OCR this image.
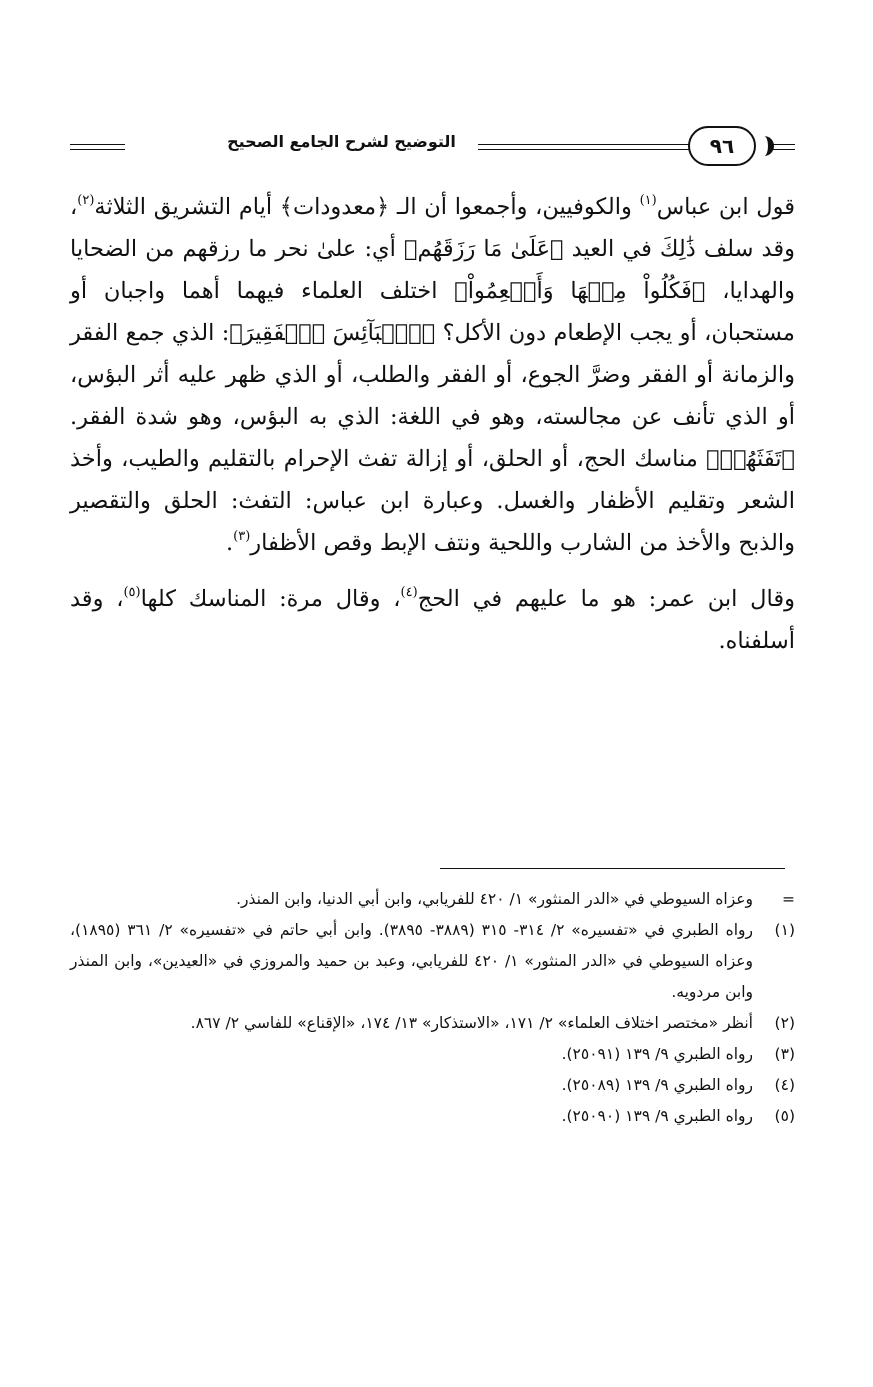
التوضيح لشرح الجامع الصحيح	٩٦

قول ابن عباس$^{(١)}$ والكوفيين، وأجمعوا أن الـ ﴿معدودات﴾ أيام التشريق الثلاثة$^{(٢)}$، وقد سلف ذَٰلِكَ في العيد ﴿عَلَىٰ مَا رَزَقَهُم﴾ أي: علىٰ نحر ما رزقهم من الضحايا والهدايا، ﴿فَكُلُواْ مِنۡهَا وَأَطۡعِمُواْ﴾ اختلف العلماء فيهما أهما واجبان أو مستحبان، أو يجب الإطعام دون الأكل؟ ﴿ٱلۡبَآئِسَ ٱلۡفَقِيرَ﴾: الذي جمع الفقر والزمانة أو الفقر وضرَّ الجوع، أو الفقر والطلب، أو الذي ظهر عليه أثر البؤس، أو الذي تأنف عن مجالسته، وهو في اللغة: الذي به البؤس، وهو شدة الفقر. ﴿تَفَثَهُمۡ﴾ مناسك الحج، أو الحلق، أو إزالة تفث الإحرام بالتقليم والطيب، وأخذ الشعر وتقليم الأظفار والغسل. وعبارة ابن عباس: التفث: الحلق والتقصير والذبح والأخذ من الشارب واللحية ونتف الإبط وقص الأظفار$^{(٣)}$.

وقال ابن عمر: هو ما عليهم في الحج$^{(٤)}$، وقال مرة: المناسك كلها$^{(٥)}$، وقد أسلفناه.

=
وعزاه السيوطي في «الدر المنثور» ١/ ٤٢٠ للفريابي، وابن أبي الدنيا، وابن المنذر.
(١)
رواه الطبري في «تفسيره» ٢/ ٣١٤- ٣١٥ (٣٨٨٩- ٣٨٩٥). وابن أبي حاتم في «تفسيره» ٢/ ٣٦١ (١٨٩٥)، وعزاه السيوطي في «الدر المنثور» ١/ ٤٢٠ للفريابي، وعبد بن حميد والمروزي في «العيدين»، وابن المنذر وابن مردويه.
(٢)
أنظر «مختصر اختلاف العلماء» ٢/ ١٧١، «الاستذكار» ١٣/ ١٧٤، «الإقناع» للفاسي ٢/ ٨٦٧.
(٣)
رواه الطبري ٩/ ١٣٩ (٢٥٠٩١).
(٤)
رواه الطبري ٩/ ١٣٩ (٢٥٠٨٩).
(٥)
رواه الطبري ٩/ ١٣٩ (٢٥٠٩٠).
